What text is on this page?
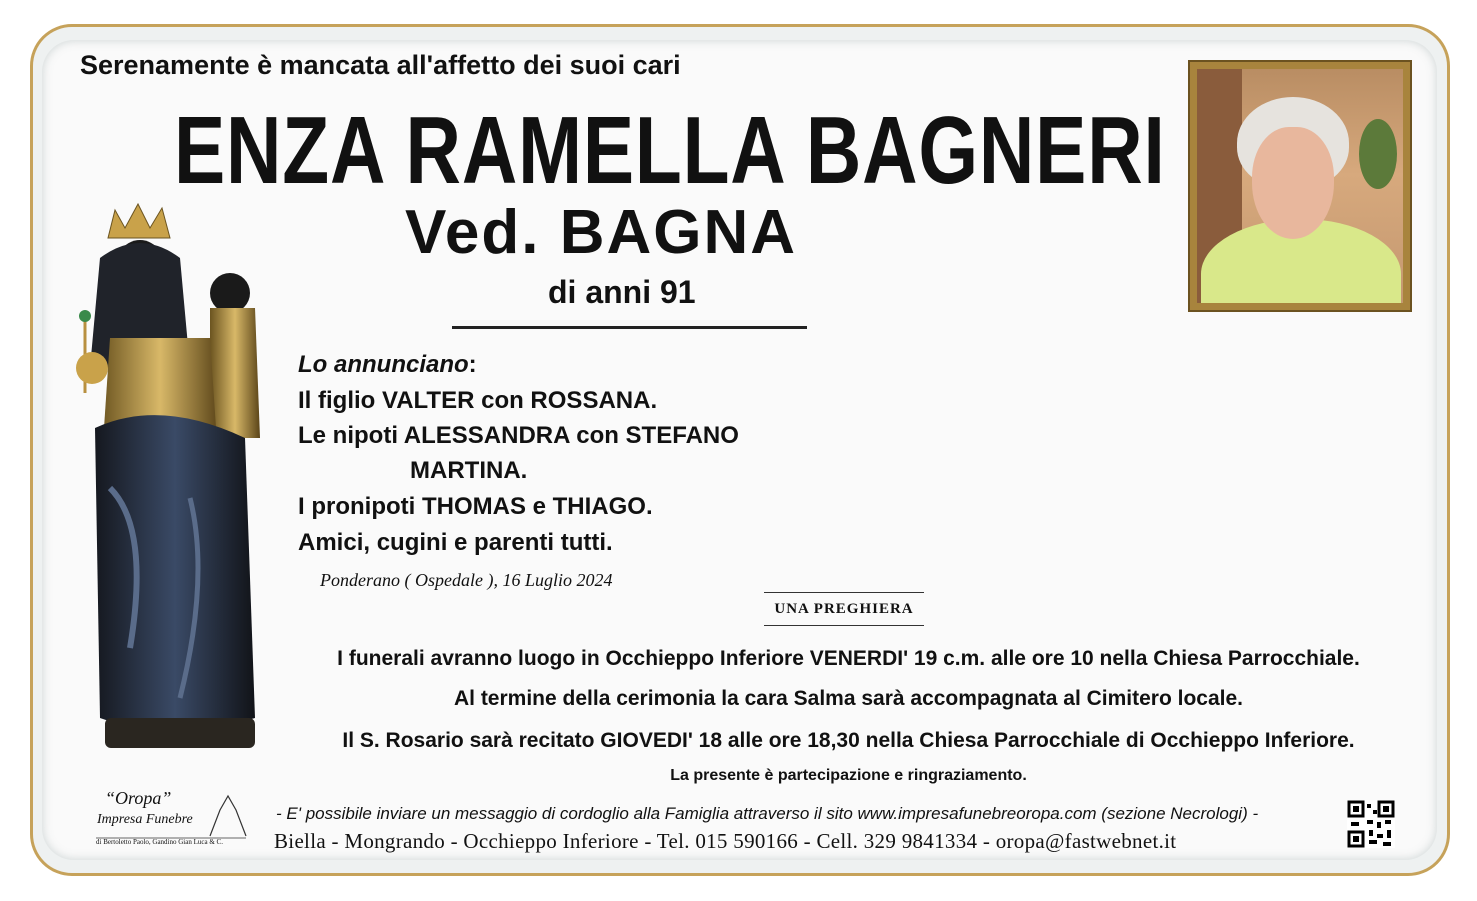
Serenamente è mancata all'affetto dei suoi cari
ENZA RAMELLA BAGNERI
Ved. BAGNA
di anni 91
Lo annunciano:
Il figlio VALTER con ROSSANA.
Le nipoti ALESSANDRA con STEFANO
MARTINA.
I pronipoti THOMAS e THIAGO.
Amici, cugini e parenti tutti.
Ponderano ( Ospedale ), 16 Luglio 2024
UNA PREGHIERA
I funerali avranno luogo in Occhieppo Inferiore VENERDI' 19 c.m. alle ore 10 nella Chiesa Parrocchiale.
Al termine della cerimonia la cara Salma sarà accompagnata al Cimitero locale.
Il S. Rosario sarà recitato GIOVEDI' 18 alle ore 18,30 nella Chiesa Parrocchiale di Occhieppo Inferiore.
La presente è partecipazione e ringraziamento.
“Oropa”
Impresa Funebre
di Bertoletto Paolo, Gandino Gian Luca & C.
- E' possibile inviare un messaggio di cordoglio alla Famiglia attraverso il sito www.impresafunebreoropa.com (sezione Necrologi) -
Biella - Mongrando - Occhieppo Inferiore - Tel. 015 590166 - Cell. 329 9841334 - oropa@fastwebnet.it
